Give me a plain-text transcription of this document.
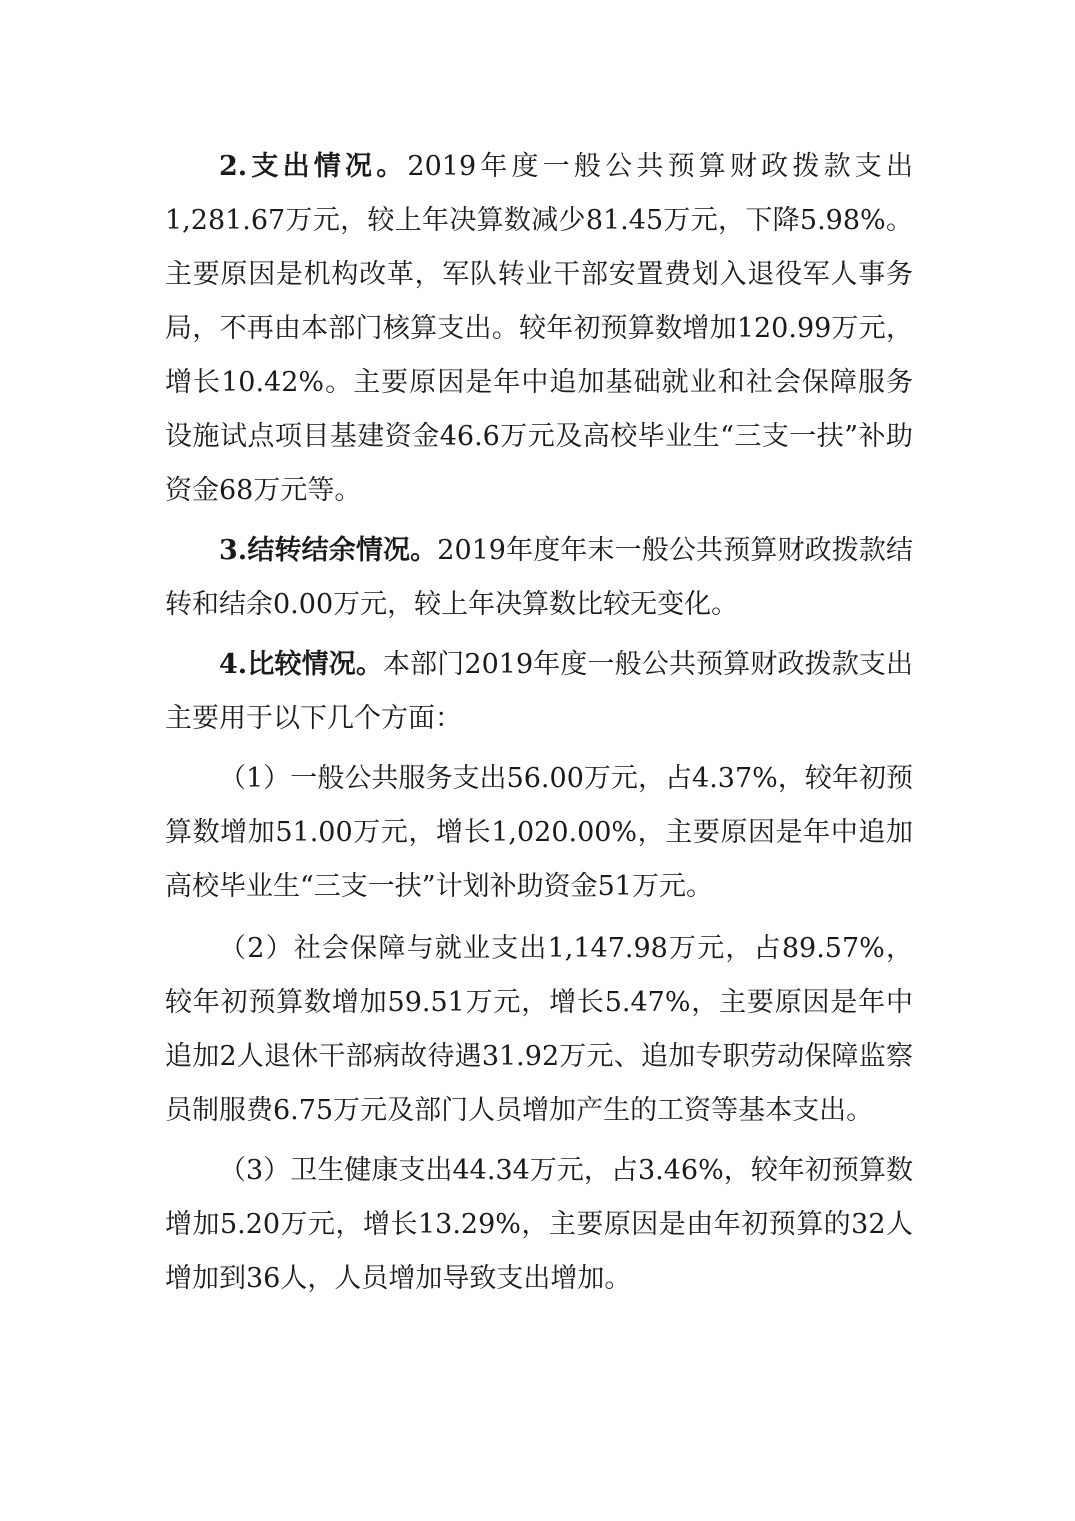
2.支出情况。2019年度一般公共预算财政拨款支出1,281.67万元，较上年决算数减少81.45万元，下降5.98%。主要原因是机构改革，军队转业干部安置费划入退役军人事务局，不再由本部门核算支出。较年初预算数增加120.99万元，增长10.42%。主要原因是年中追加基础就业和社会保障服务设施试点项目基建资金46.6万元及高校毕业生“三支一扶”补助资金68万元等。

3.结转结余情况。2019年度年末一般公共预算财政拨款结转和结余0.00万元，较上年决算数比较无变化。

4.比较情况。本部门2019年度一般公共预算财政拨款支出主要用于以下几个方面：

（1）一般公共服务支出56.00万元，占4.37%，较年初预算数增加51.00万元，增长1,020.00%，主要原因是年中追加高校毕业生“三支一扶”计划补助资金51万元。

（2）社会保障与就业支出1,147.98万元，占89.57%，较年初预算数增加59.51万元，增长5.47%，主要原因是年中追加2人退休干部病故待遇31.92万元、追加专职劳动保障监察员制服费6.75万元及部门人员增加产生的工资等基本支出。

（3）卫生健康支出44.34万元，占3.46%，较年初预算数增加5.20万元，增长13.29%，主要原因是由年初预算的32人增加到36人，人员增加导致支出增加。
